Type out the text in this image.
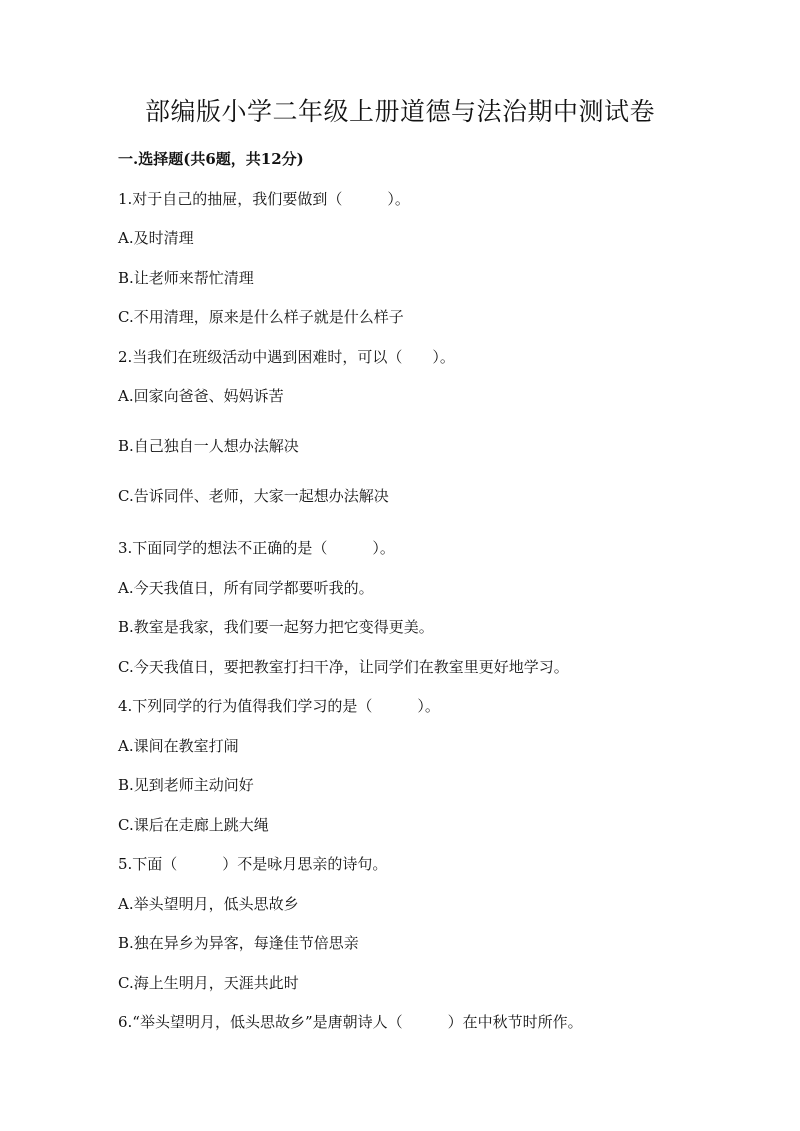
部编版小学二年级上册道德与法治期中测试卷
一.选择题(共6题，共12分)
1.对于自己的抽屉，我们要做到（　　　）。
A.及时清理
B.让老师来帮忙清理
C.不用清理，原来是什么样子就是什么样子
2.当我们在班级活动中遇到困难时，可以（　　）。
A.回家向爸爸、妈妈诉苦
B.自己独自一人想办法解决
C.告诉同伴、老师，大家一起想办法解决
3.下面同学的想法不正确的是（　　　）。
A.今天我值日，所有同学都要听我的。
B.教室是我家，我们要一起努力把它变得更美。
C.今天我值日，要把教室打扫干净，让同学们在教室里更好地学习。
4.下列同学的行为值得我们学习的是（　　　）。
A.课间在教室打闹
B.见到老师主动问好
C.课后在走廊上跳大绳
5.下面（　　　）不是咏月思亲的诗句。
A.举头望明月，低头思故乡
B.独在异乡为异客，每逢佳节倍思亲
C.海上生明月，天涯共此时
6.“举头望明月，低头思故乡”是唐朝诗人（　　　）在中秋节时所作。
